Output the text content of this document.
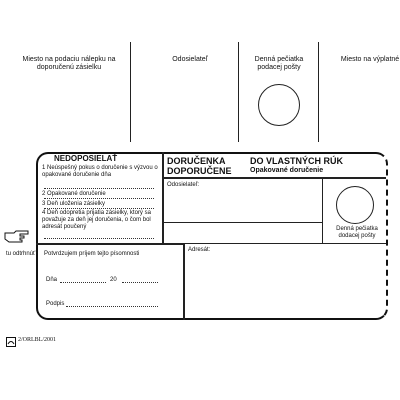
Miesto na podaciu nálepku na doporučenú zásielku
Odosielateľ	Denná pečiatka podacej pošty
Miesto na výplatné
NEDOPOSIELAŤ
1 Neúspešný pokus o doručenie s výzvou o opakované doručenie dňa
2 Opakované doručenie
3 Deň uloženia zásielky
4 Deň odopretia prijatia zásielky, ktorý sa považuje za deň jej doručenia, o čom bol adresát poučený
Potvrdzujem príjem tejto písomnosti
Dňa	20
Podpis
DORUČENKA
DOPORUČENE
DO VLASTNÝCH RÚK
Opakované doručenie
Odosielateľ:
Denná pečiatka dodacej pošty
Adresát:
tu odtrhnúť
2/ORLBL/2001
